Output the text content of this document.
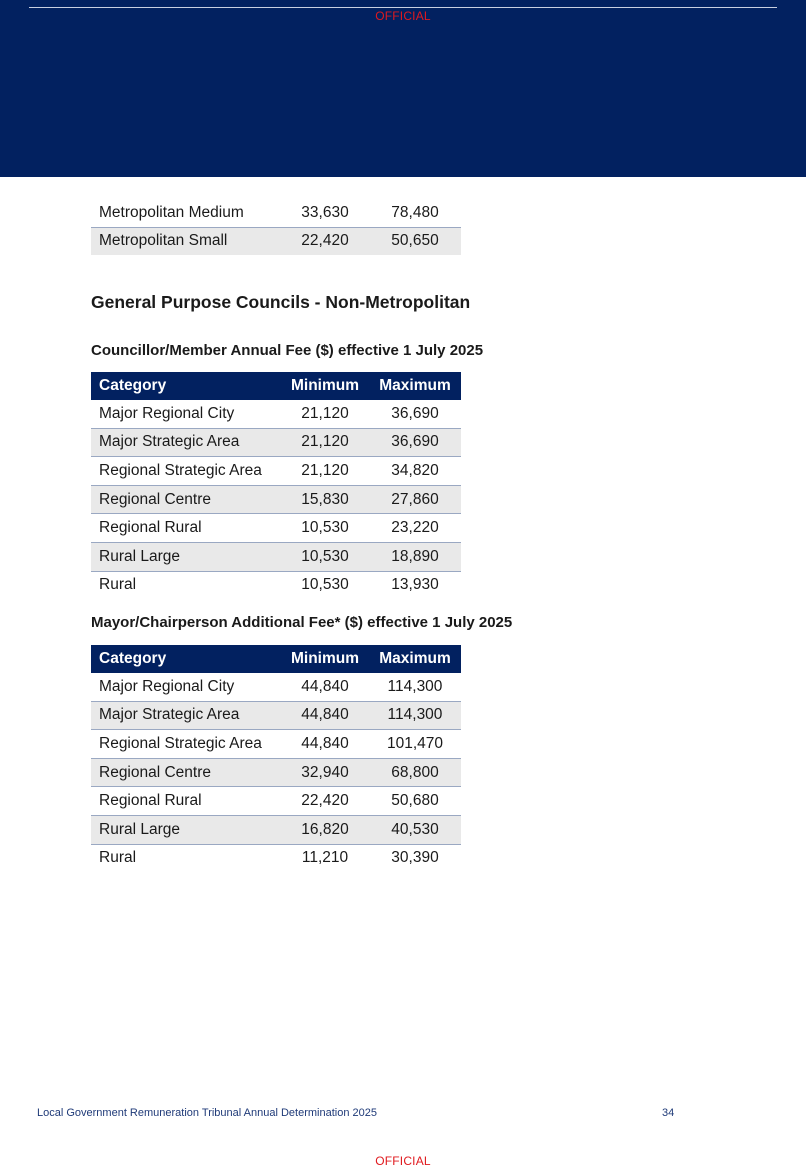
OFFICIAL
Metropolitan Medium	33,630	78,480
Metropolitan Small	22,420	50,650
General Purpose Councils - Non-Metropolitan
Councillor/Member Annual Fee ($) effective 1 July 2025
Category	Minimum	Maximum
Major Regional City	21,120	36,690
Major Strategic Area	21,120	36,690
Regional Strategic Area	21,120	34,820
Regional Centre	15,830	27,860
Regional Rural	10,530	23,220
Rural Large	10,530	18,890
Rural	10,530	13,930
Mayor/Chairperson Additional Fee* ($) effective 1 July 2025
Category	Minimum	Maximum
Major Regional City	44,840	114,300
Major Strategic Area	44,840	114,300
Regional Strategic Area	44,840	101,470
Regional Centre	32,940	68,800
Regional Rural	22,420	50,680
Rural Large	16,820	40,530
Rural	11,210	30,390
Local Government Remuneration Tribunal Annual Determination 2025	34
OFFICIAL
